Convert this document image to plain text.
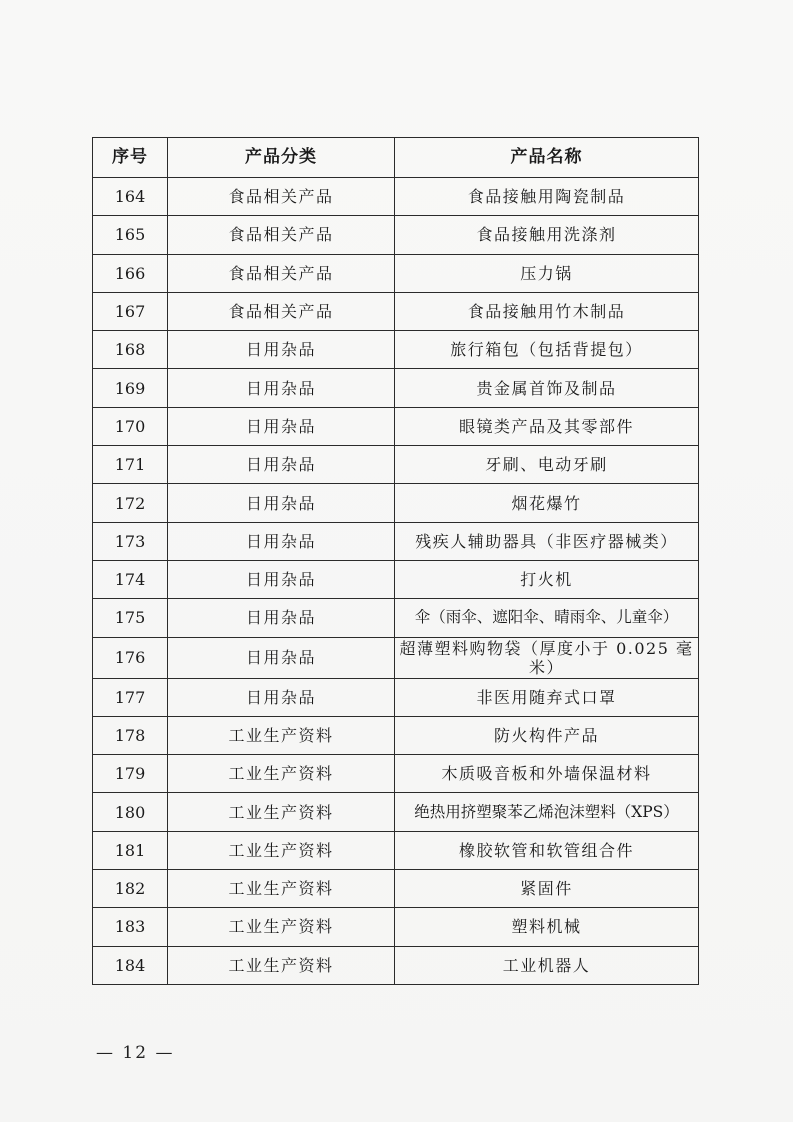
序号	产品分类	产品名称
164	食品相关产品	食品接触用陶瓷制品
165	食品相关产品	食品接触用洗涤剂
166	食品相关产品	压力锅
167	食品相关产品	食品接触用竹木制品
168	日用杂品	旅行箱包（包括背提包）
169	日用杂品	贵金属首饰及制品
170	日用杂品	眼镜类产品及其零部件
171	日用杂品	牙刷、电动牙刷
172	日用杂品	烟花爆竹
173	日用杂品	残疾人辅助器具（非医疗器械类）
174	日用杂品	打火机
175	日用杂品	伞（雨伞、遮阳伞、晴雨伞、儿童伞）
176	日用杂品	超薄塑料购物袋（厚度小于 0.025 毫米）
177	日用杂品	非医用随弃式口罩
178	工业生产资料	防火构件产品
179	工业生产资料	木质吸音板和外墙保温材料
180	工业生产资料	绝热用挤塑聚苯乙烯泡沫塑料（XPS）
181	工业生产资料	橡胶软管和软管组合件
182	工业生产资料	紧固件
183	工业生产资料	塑料机械
184	工业生产资料	工业机器人
— 12 —
